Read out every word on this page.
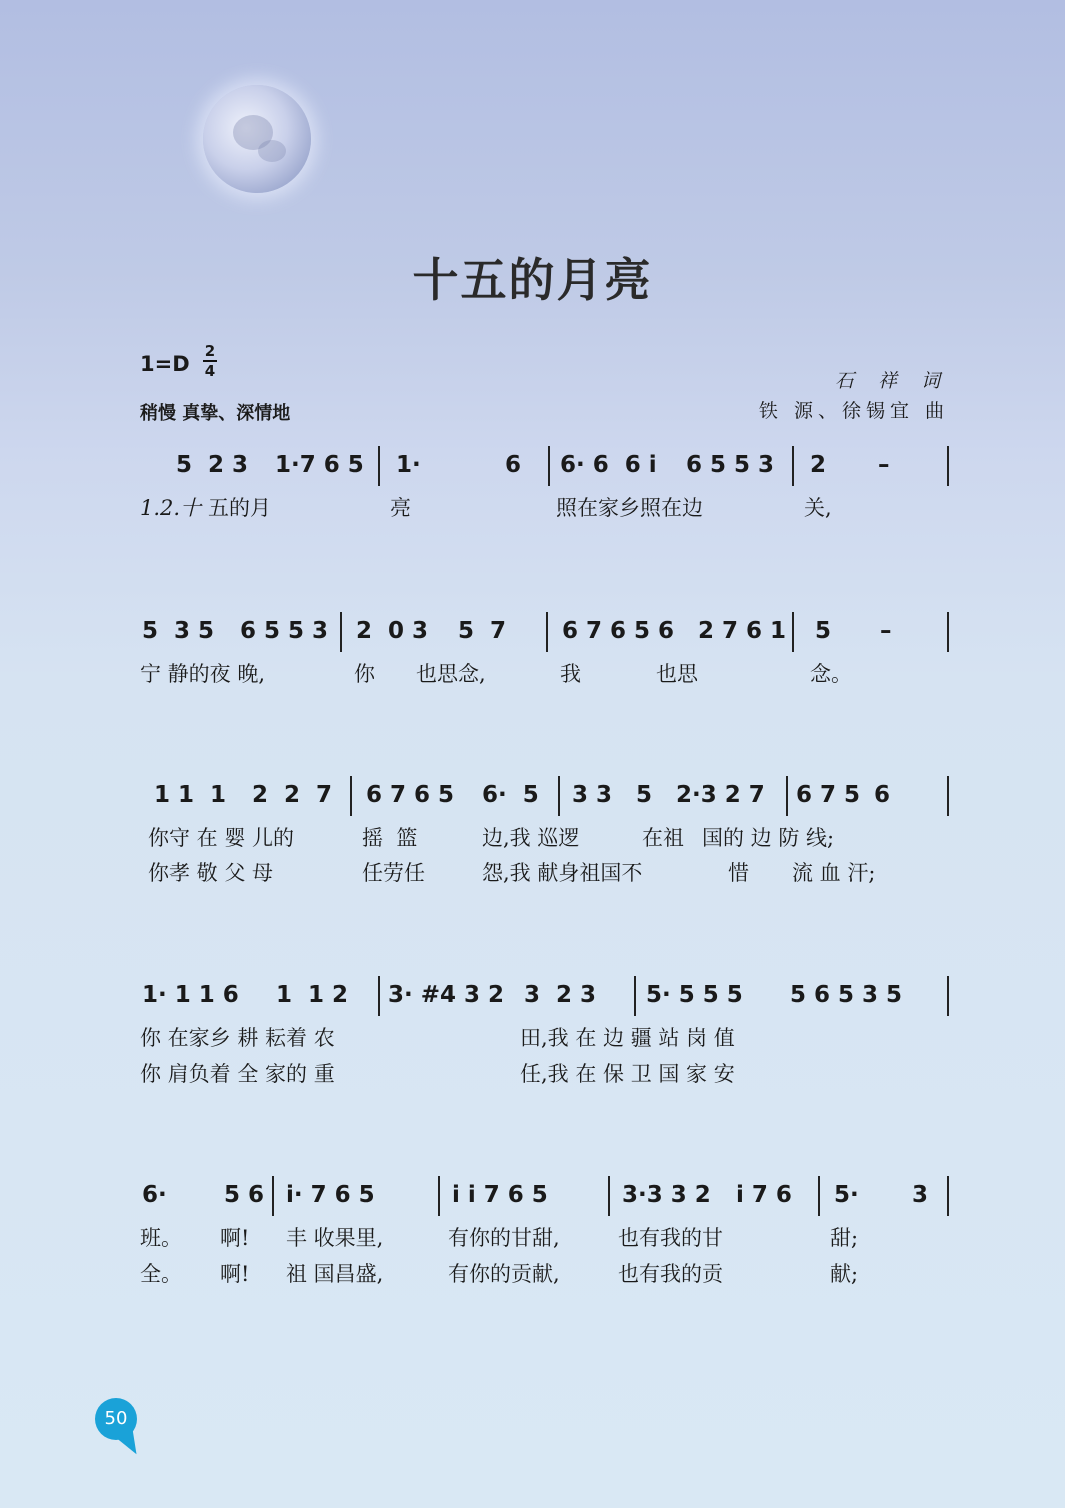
十五的月亮
1=D
2
4
稍慢 真挚、深情地
石 祥 词
铁 源、徐锡宜 曲
5  2 3 1·7 6 5 1·	6 6· 6  6 i 6 5 5 3 2 –
1.2.十 五的月	亮	照在家乡照在边	关,
5  3 5 6 5 5 3 2  0 3 5  7 6 7 6 5 6 2 7 6 1 5 –
宁 静的夜 晚,	你 也思念,	我	也思	念。
1 1  1 2  2  7 6 7 6 5 6·  5 3 3   5 2·3 2 7 6 7 5 6
你守 在 婴 儿的	摇  篮	边,我 巡逻	在祖 国的 边 防 线;
你孝 敬 父 母	任劳任	怨,我 献身祖国不	惜 流 血 汗;
1· 1 1 6 1  1 2 3· #4 3 2 3  2 3 5· 5 5 5 5 6 5 3 5
你 在家乡 耕 耘着 农	田,我 在 边 疆 站 岗 值
你 肩负着 全 家的 重	任,我 在 保 卫 国 家 安
6· 5 6 i· 7 6 5	i i 7 6 5	3·3 3 2 i 7 6 5· 3
班。 啊! 丰 收果里,	有你的甘甜,	也有我的甘	甜;
全。 啊! 祖 国昌盛,	有你的贡献,	也有我的贡	献;
50
